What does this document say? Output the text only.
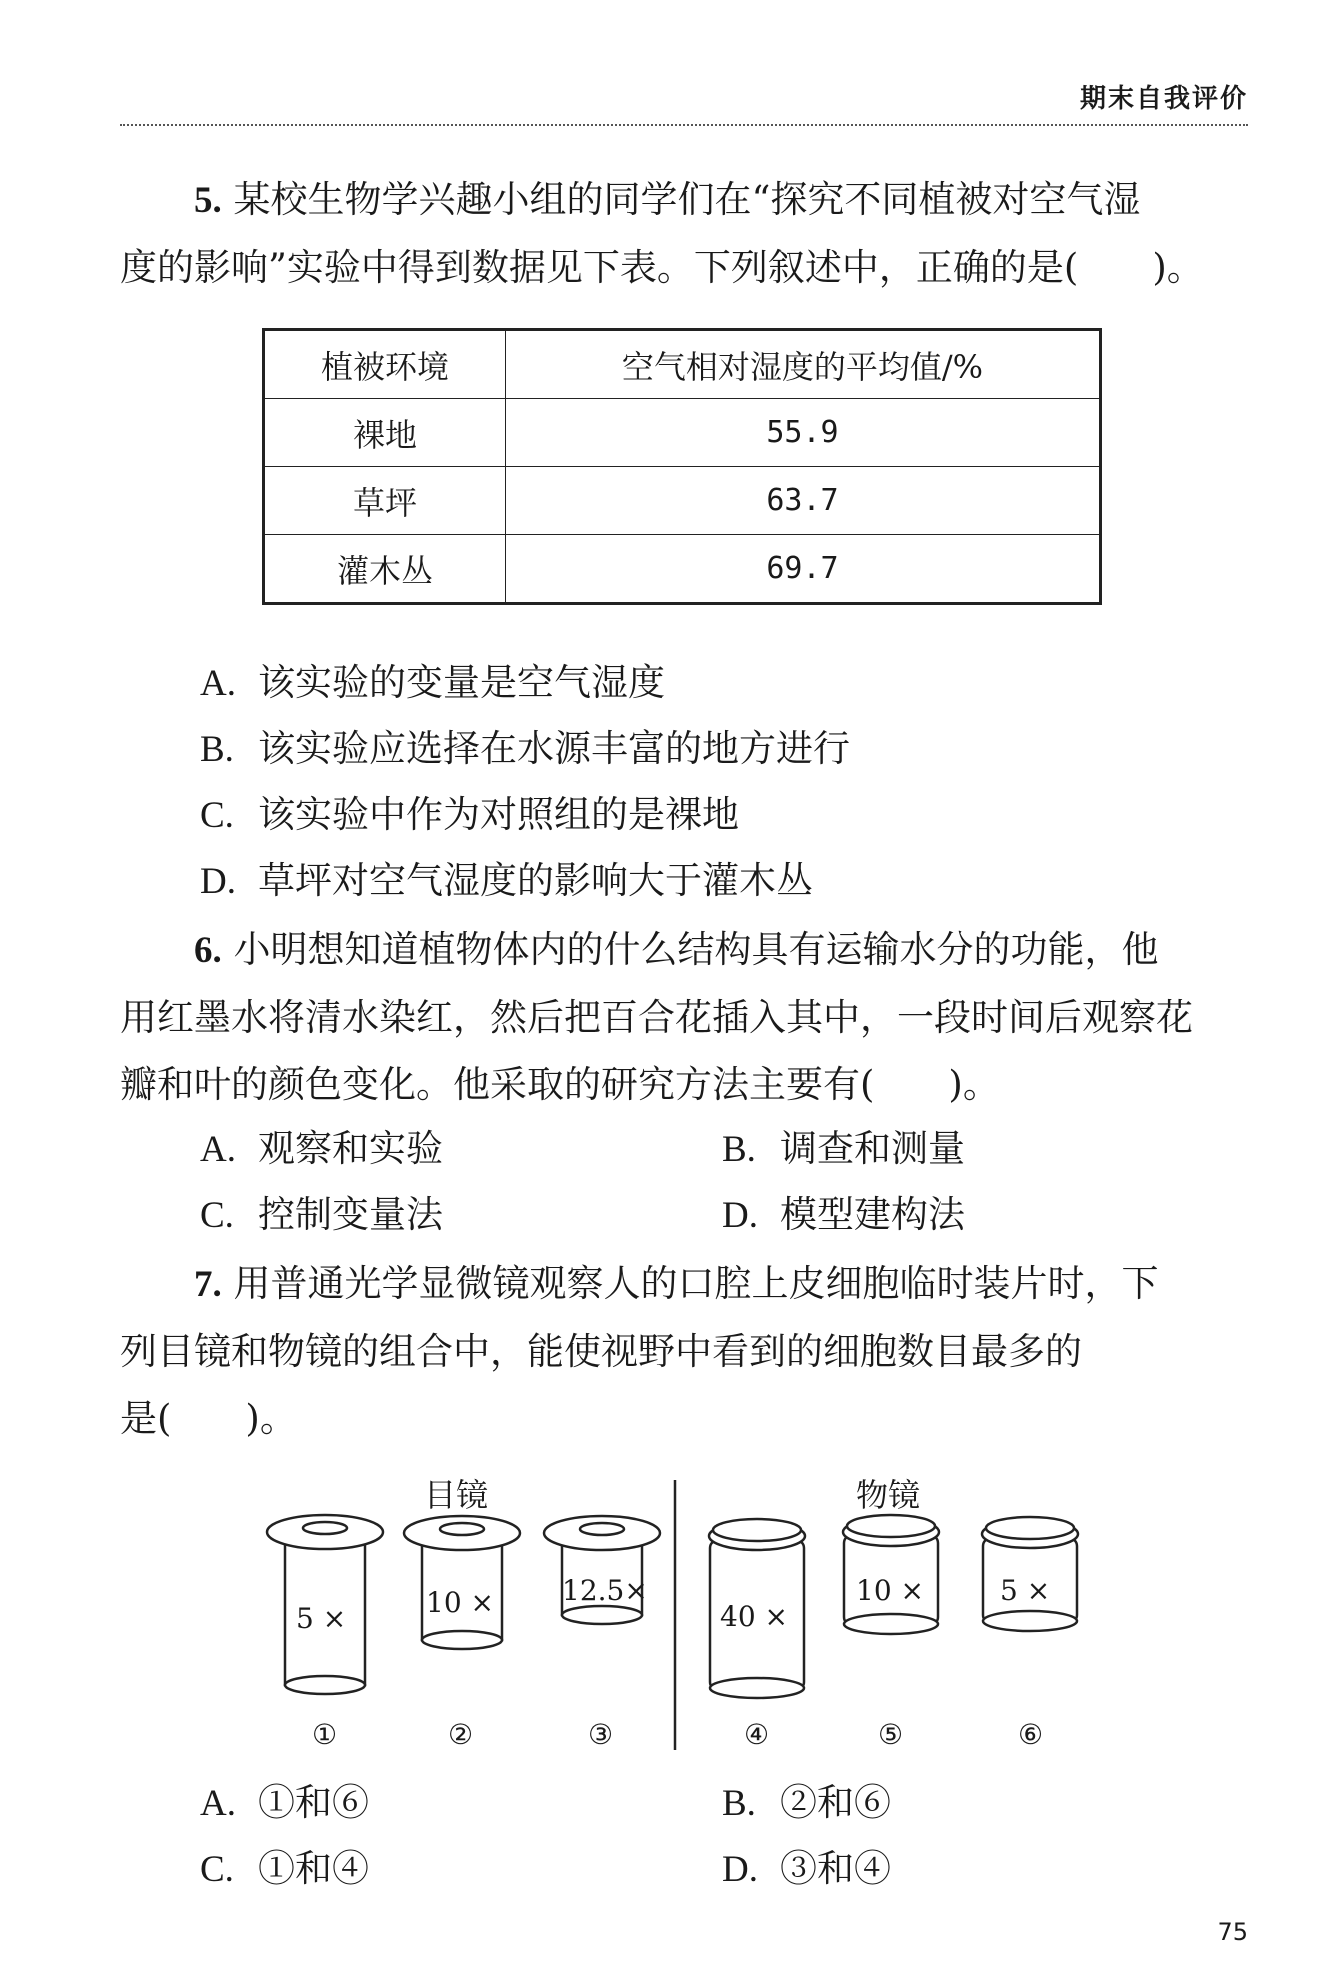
期末自我评价
5. 某校生物学兴趣小组的同学们在“探究不同植被对空气湿
度的影响”实验中得到数据见下表。下列叙述中，正确的是(　　)。
植被环境	空气相对湿度的平均值/%
裸地	55.9
草坪	63.7
灌木丛	69.7
A. 该实验的变量是空气湿度
B. 该实验应选择在水源丰富的地方进行
C. 该实验中作为对照组的是裸地
D. 草坪对空气湿度的影响大于灌木丛
6. 小明想知道植物体内的什么结构具有运输水分的功能，他
用红墨水将清水染红，然后把百合花插入其中，一段时间后观察花
瓣和叶的颜色变化。他采取的研究方法主要有(　　)。
A. 观察和实验	B. 调查和测量
C. 控制变量法	D. 模型建构法
7. 用普通光学显微镜观察人的口腔上皮细胞临时装片时，下
列目镜和物镜的组合中，能使视野中看到的细胞数目最多的
是(　　)。
目镜	物镜
5 ×	10 × 12.5×
40 ×
10 ×	5 ×
①	②	③	④	⑤	⑥
A. ①和⑥	B. ②和⑥
C. ①和④	D. ③和④
75
